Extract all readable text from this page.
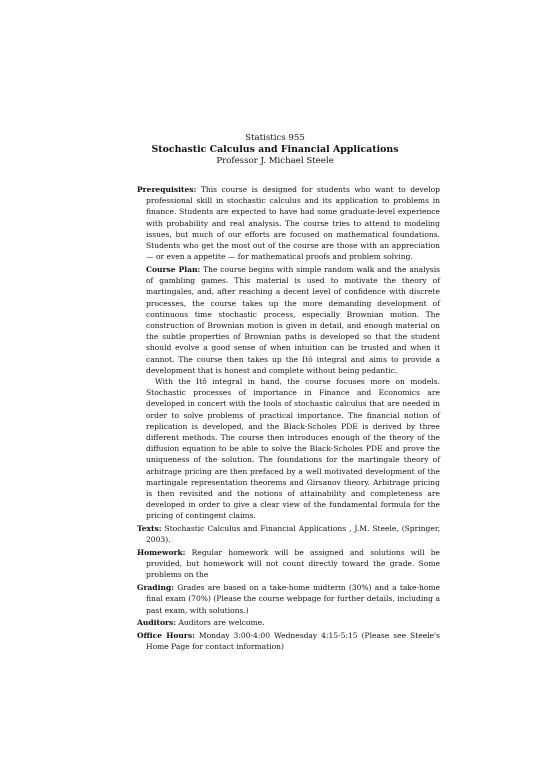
Statistics 955
Stochastic Calculus and Financial Applications
Professor J. Michael Steele
Prerequisites: This course is designed for students who want to develop professional skill in stochastic calculus and its application to problems in finance. Students are expected to have had some graduate-level experience with probability and real analysis. The course tries to attend to modeling issues, but much of our efforts are focused on mathematical foundations. Students who get the most out of the course are those with an appreciation — or even a appetite — for mathematical proofs and problem solving.

Course Plan: The course begins with simple random walk and the analysis of gambling games. This material is used to motivate the theory of martingales, and, after reaching a decent level of confidence with discrete processes, the course takes up the more demanding development of continuous time stochastic process, especially Brownian motion. The construction of Brownian motion is given in detail, and enough material on the subtle properties of Brownian paths is developed so that the student should evolve a good sense of when intuition can be trusted and when it cannot. The course then takes up the Itô integral and aims to provide a development that is honest and complete without being pedantic.

With the Itô integral in hand, the course focuses more on models. Stochastic processes of importance in Finance and Economics are developed in concert with the tools of stochastic calculus that are needed in order to solve problems of practical importance. The financial notion of replication is developed, and the Black-Scholes PDE is derived by three different methods. The course then introduces enough of the theory of the diffusion equation to be able to solve the Black-Scholes PDE and prove the uniqueness of the solution. The foundations for the martingale theory of arbitrage pricing are then prefaced by a well motivated development of the martingale representation theorems and Girsanov theory. Arbitrage pricing is then revisited and the notions of attainability and completeness are developed in order to give a clear view of the fundamental formula for the pricing of contingent claims.

Texts: Stochastic Calculus and Financial Applications , J.M. Steele, (Springer, 2003).
Homework: Regular homework will be assigned and solutions will be provided, but homework will not count directly toward the grade. Some problems on the
Grading: Grades are based on a take-home midterm (30%) and a take-home final exam (70%) (Please the course webpage for further details, including a past exam, with solutions.)
Auditors: Auditors are welcome.
Office Hours: Monday 3:00-4:00 Wednesday 4:15-5:15 (Please see Steele's Home Page for contact information)
